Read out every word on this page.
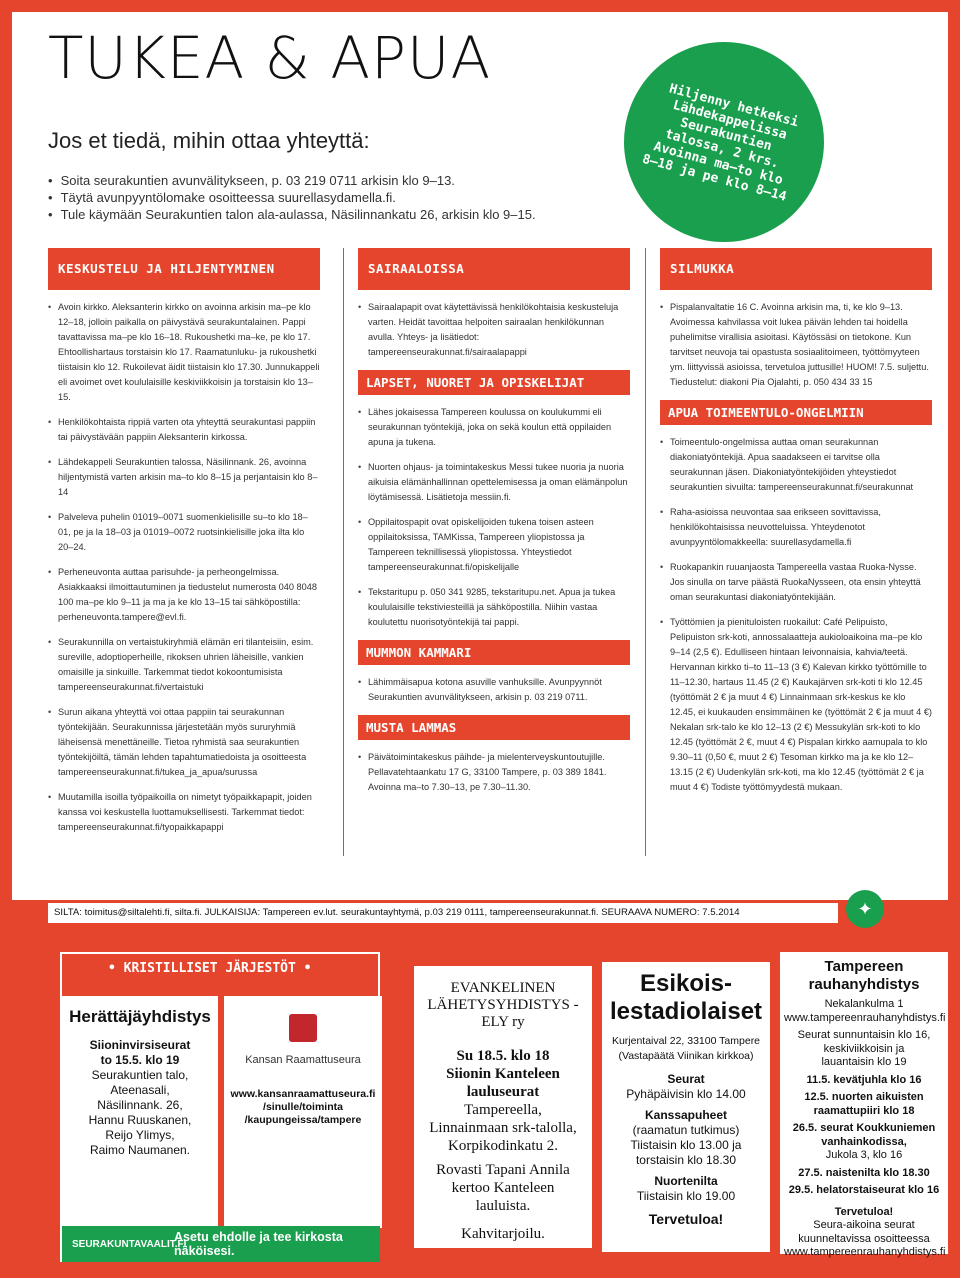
TUKEA & APUA
Jos et tiedä, mihin ottaa yhteyttä:
• Soita seurakuntien avunvälitykseen, p. 03 219 0711 arkisin klo 9–13.
• Täytä avunpyyntölomake osoitteessa suurellasydamella.fi.
• Tule käymään Seurakuntien talon ala-aulassa, Näsilinnankatu 26, arkisin klo 9–15.
Hiljenny hetkeksi Lähdekappelissa Seurakuntien talossa, 2 krs. Avoinna ma–to klo 8–18 ja pe klo 8–14
KESKUSTELU JA HILJENTYMINEN
• Avoin kirkko. Aleksanterin kirkko on avoinna arkisin ma–pe klo 12–18, jolloin paikalla on päivystävä seurakuntalainen. Pappi tavattavissa ma–pe klo 16–18. Rukoushetki ma–ke, pe klo 17. Ehtoollishartaus torstaisin klo 17. Raamatunluku- ja rukoushetki tiistaisin klo 12. Rukoilevat äidit tiistaisin klo 17.30. Junnukappeli eli avoimet ovet koululaisille keskiviikkoisin ja torstaisin klo 13–15.
• Henkilökohtaista rippiä varten ota yhteyttä seurakuntasi pappiin tai päivystävään pappiin Aleksanterin kirkossa.
• Lähdekappeli Seurakuntien talossa, Näsilinnank. 26, avoinna hiljentymistä varten arkisin ma–to klo 8–15 ja perjantaisin klo 8–14
• Palveleva puhelin 01019–0071 suomenkielisille su–to klo 18–01, pe ja la 18–03 ja 01019–0072 ruotsinkielisille joka ilta klo 20–24.
• Perheneuvonta auttaa parisuhde- ja perheongelmissa. Asiakkaaksi ilmoittautuminen ja tiedustelut numerosta 040 8048 100 ma–pe klo 9–11 ja ma ja ke klo 13–15 tai sähköpostilla: perheneuvonta.tampere@evl.fi.
• Seurakunnilla on vertaistukiryhmiä elämän eri tilanteisiin, esim. sureville, adoptioperheille, rikoksen uhrien läheisille, vankien omaisille ja sinkuille. Tarkemmat tiedot kokoontumisista tampereenseurakunnat.fi/vertaistuki
• Surun aikana yhteyttä voi ottaa pappiin tai seurakunnan työntekijään. Seurakunnissa järjestetään myös sururyhmiä läheisensä menettäneille. Tietoa ryhmistä saa seurakuntien työntekijöiltä, tämän lehden tapahtumatiedoista ja osoitteesta tampereenseurakunnat.fi/tukea_ja_apua/surussa
• Muutamilla isoilla työpaikoilla on nimetyt työpaikkapapit, joiden kanssa voi keskustella luottamuksellisesti. Tarkemmat tiedot: tampereenseurakunnat.fi/tyopaikkapappi
SAIRAALOISSA
• Sairaalapapit ovat käytettävissä henkilökohtaisia keskusteluja varten. Heidät tavoittaa helpoiten sairaalan henkilökunnan avulla. Yhteys- ja lisätiedot: tampereenseurakunnat.fi/sairaalapappi
LAPSET, NUORET JA OPISKELIJAT
• Lähes jokaisessa Tampereen koulussa on koulukummi eli seurakunnan työntekijä, joka on sekä koulun että oppilaiden apuna ja tukena.
• Nuorten ohjaus- ja toimintakeskus Messi tukee nuoria ja nuoria aikuisia elämänhallinnan opettelemisessa ja oman elämänpolun löytämisessä. Lisätietoja messiin.fi.
• Oppilaitospapit ovat opiskelijoiden tukena toisen asteen oppilaitoksissa, TAMKissa, Tampereen yliopistossa ja Tampereen teknillisessä yliopistossa. Yhteystiedot tampereenseurakunnat.fi/opiskelijalle
• Tekstaritupu p. 050 341 9285, tekstaritupu.net. Apua ja tukea koululaisille tekstiviesteillä ja sähköpostilla. Niihin vastaa koulutettu nuorisotyöntekijä tai pappi.
MUMMON KAMMARI
• Lähimmäisapua kotona asuville vanhuksille. Avunpyynnöt Seurakuntien avunvälitykseen, arkisin p. 03 219 0711.
MUSTA LAMMAS
• Päivätoimintakeskus päihde- ja mielenterveyskuntoutujille. Pellavatehtaankatu 17 G, 33100 Tampere, p. 03 389 1841. Avoinna ma–to 7.30–13, pe 7.30–11.30.
SILMUKKA
• Pispalanvaltatie 16 C. Avoinna arkisin ma, ti, ke klo 9–13. Avoimessa kahvilassa voit lukea päivän lehden tai hoidella puhelimitse virallisia asioitasi. Käytössäsi on tietokone. Kun tarvitset neuvoja tai opastusta sosiaalitoimeen, työttömyyteen ym. liittyvissä asioissa, tervetuloa juttusille! HUOM! 7.5. suljettu. Tiedustelut: diakoni Pia Ojalahti, p. 050 434 33 15
APUA TOIMEENTULO-ONGELMIIN
• Toimeentulo-ongelmissa auttaa oman seurakunnan diakoniatyöntekijä. Apua saadakseen ei tarvitse olla seurakunnan jäsen. Diakoniatyöntekijöiden yhteystiedot seurakuntien sivuilta: tampereenseurakunnat.fi/seurakunnat
• Raha-asioissa neuvontaa saa erikseen sovittavissa, henkilökohtaisissa neuvotteluissa. Yhteydenotot avunpyyntölomakkeella: suurellasydamella.fi
• Ruokapankin ruuanjaosta Tampereella vastaa Ruoka-Nysse. Jos sinulla on tarve päästä RuokaNysseen, ota ensin yhteyttä oman seurakuntasi diakoniatyöntekijään.
• Työttömien ja pienituloisten ruokailut: Café Pelipuisto, Pelipuiston srk-koti, annossalaatteja aukioloaikoina ma–pe klo 9–14 (2,5 €). Edulliseen hintaan leivonnaisia, kahvia/teetä. Hervannan kirkko ti–to 11–13 (3 €) Kalevan kirkko työttömille to 11–12.30, hartaus 11.45 (2 €) Kaukajärven srk-koti ti klo 12.45 (työttömät 2 € ja muut 4 €) Linnainmaan srk-keskus ke klo 12.45, ei kuukauden ensimmäinen ke (työttömät 2 € ja muut 4 €) Nekalan srk-talo ke klo 12–13 (2 €) Messukylän srk-koti to klo 12.45 (työttömät 2 €, muut 4 €) Pispalan kirkko aamupala to klo 9.30–11 (0,50 €, muut 2 €) Tesoman kirkko ma ja ke klo 12–13.15 (2 €) Uudenkylän srk-koti, ma klo 12.45 (työttömät 2 € ja muut 4 €) Todiste työttömyydestä mukaan.
SILTA: toimitus@siltalehti.fi, silta.fi. JULKAISIJA: Tampereen ev.lut. seurakuntayhtymä, p.03 219 0111, tampereenseurakunnat.fi. SEURAAVA NUMERO: 7.5.2014	✦
• KRISTILLISET JÄRJESTÖT •
Herättäjäyhdistys
Siioninvirsiseurat
to 15.5. klo 19
Seurakuntien talo,
Ateenasali,
Näsilinnank. 26,
Hannu Ruuskanen,
Reijo Ylimys,
Raimo Naumanen.
Kansan Raamattuseura
www.kansanraamattuseura.fi /sinulle/toiminta /kaupungeissa/tampere
SEURAKUNTAVAALIT.FI
Asetu ehdolle ja tee kirkosta näköisesi.
EVANKELINEN LÄHETYSYHDISTYS - ELY ry
Su 18.5. klo 18
Siionin Kanteleen
lauluseurat
Tampereella,
Linnainmaan srk-talolla,
Korpikodinkatu 2.
Rovasti Tapani Annila
kertoo Kanteleen
lauluista.
Kahvitarjoilu.
Esikois-lestadiolaiset
Kurjentaival 22, 33100 Tampere
(Vastapäätä Viinikan kirkkoa)
Seurat
Pyhäpäivisin klo 14.00
Kanssapuheet
(raamatun tutkimus)
Tiistaisin klo 13.00 ja
torstaisin klo 18.30
Nuortenilta
Tiistaisin klo 19.00
Tervetuloa!
Tampereen rauhanyhdistys
Nekalankulma 1
www.tampereenrauhanyhdistys.fi
Seurat sunnuntaisin klo 16,
keskiviikkoisin ja
lauantaisin klo 19
11.5. kevätjuhla klo 16
12.5. nuorten aikuisten
raamattupiiri klo 18
26.5. seurat Koukkuniemen
vanhainkodissa,
Jukola 3, klo 16
27.5. naisteniltа klo 18.30
29.5. helatorstaiseurat klo 16
Tervetuloa!
Seura-aikoina seurat
kuunneltavissa osoitteessa
www.tampereenrauhanyhdistys.fi
